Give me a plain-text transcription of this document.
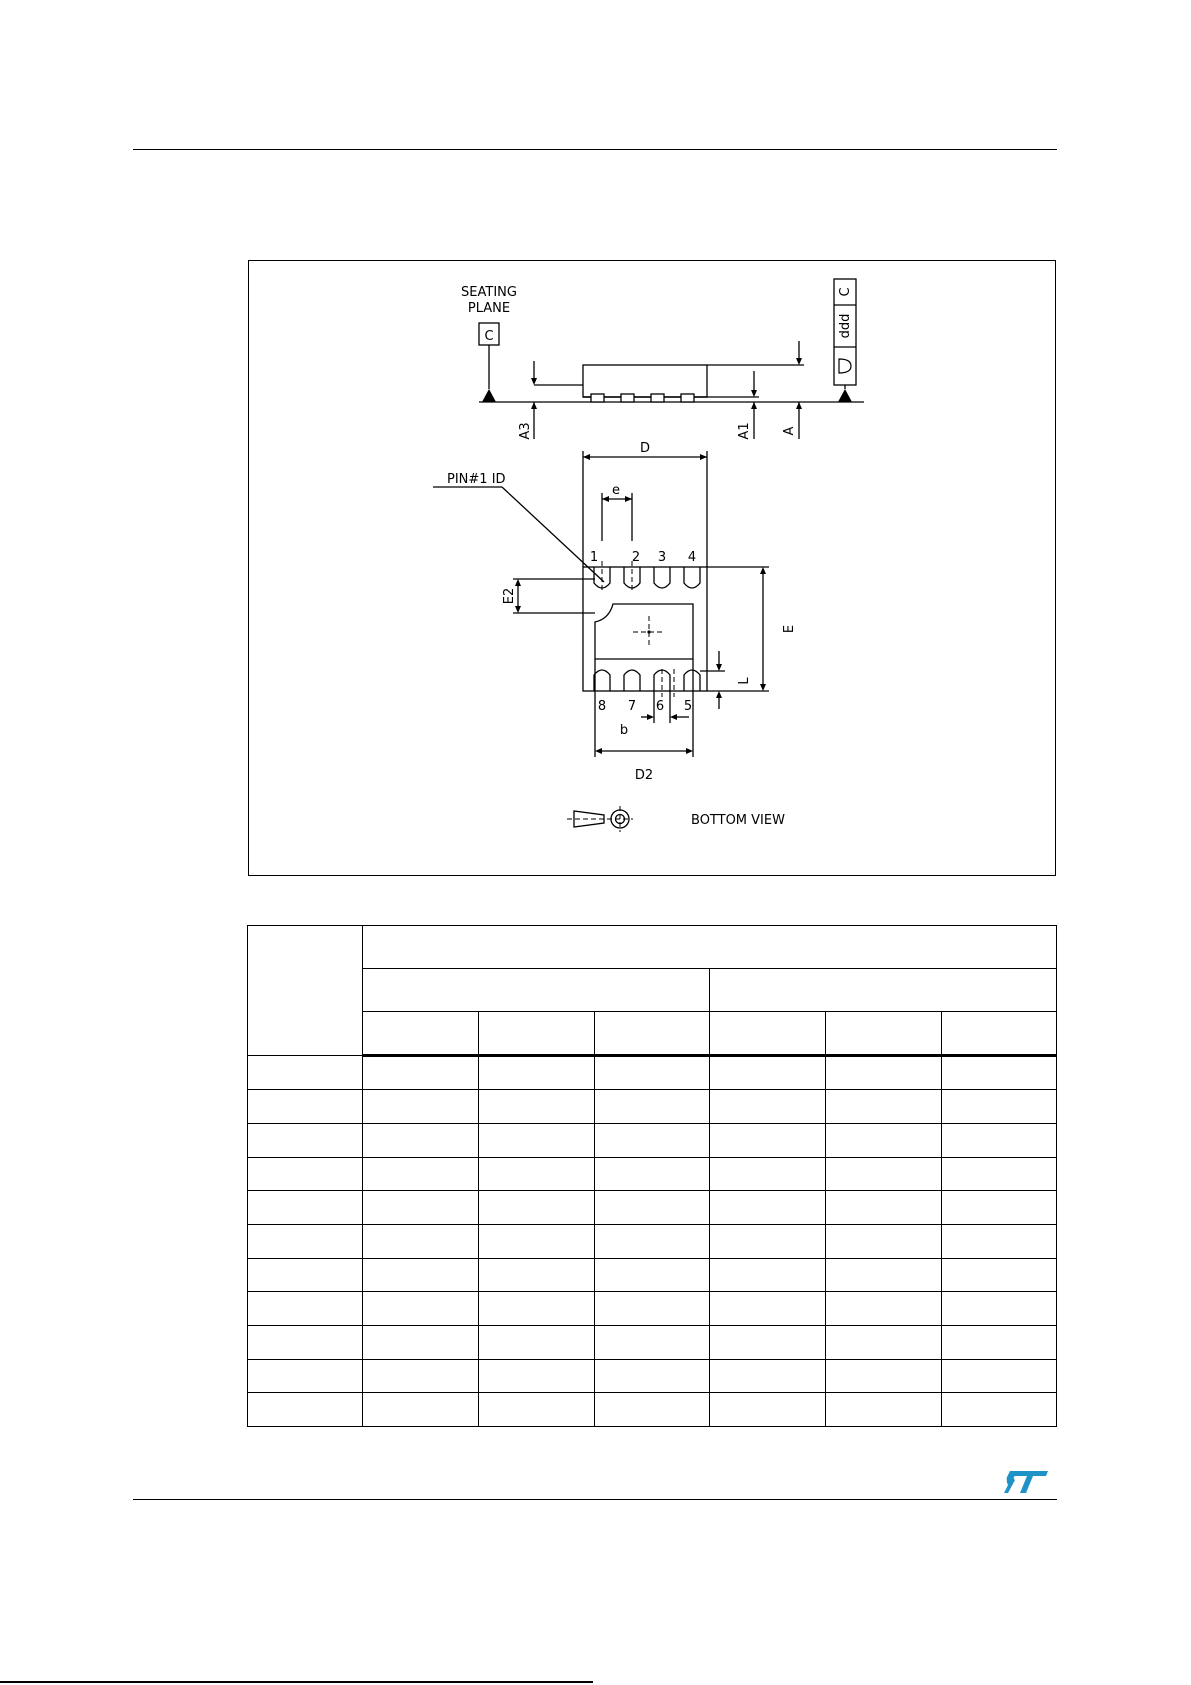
SEATING
PLANE
C
C
ddd
A3	A1 A
D
e
PIN#1 ID
E2
E
L
b
D2
1	2 3 4
8 7 6 5
BOTTOM VIEW
